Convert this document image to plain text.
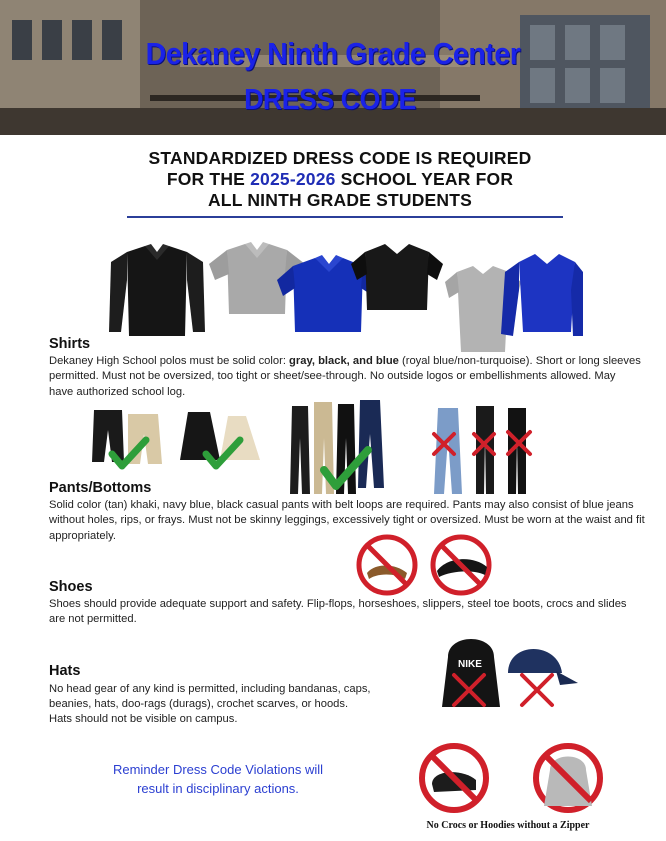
Dekaney Ninth Grade Center
DRESS CODE
STANDARDIZED DRESS CODE IS REQUIRED
FOR THE 2025-2026 SCHOOL YEAR FOR
ALL NINTH GRADE STUDENTS
Shirts
Dekaney High School polos must be solid color: gray, black, and blue (royal blue/non-turquoise). Short or long sleeves permitted. Must not be oversized, too tight or sheet/see-through. No outside logos or embellishments allowed. May have authorized school log.
Pants/Bottoms
Solid color (tan) khaki, navy blue, black casual pants with belt loops are required. Pants may also consist of blue jeans without holes, rips, or frays. Must not be skinny leggings, excessively tight or oversized. Must be worn at the waist and fit appropriately.
Shoes
Shoes should provide adequate support and safety. Flip-flops, horseshoes, slippers, steel toe boots, crocs and slides are not permitted.
NIKE
Hats
No head gear of any kind is permitted, including bandanas, caps,
beanies, hats, doo-rags (durags), crochet scarves, or hoods.
Hats should not be visible on campus.
Reminder Dress Code Violations will
result in disciplinary actions.
No Crocs or Hoodies without a Zipper
